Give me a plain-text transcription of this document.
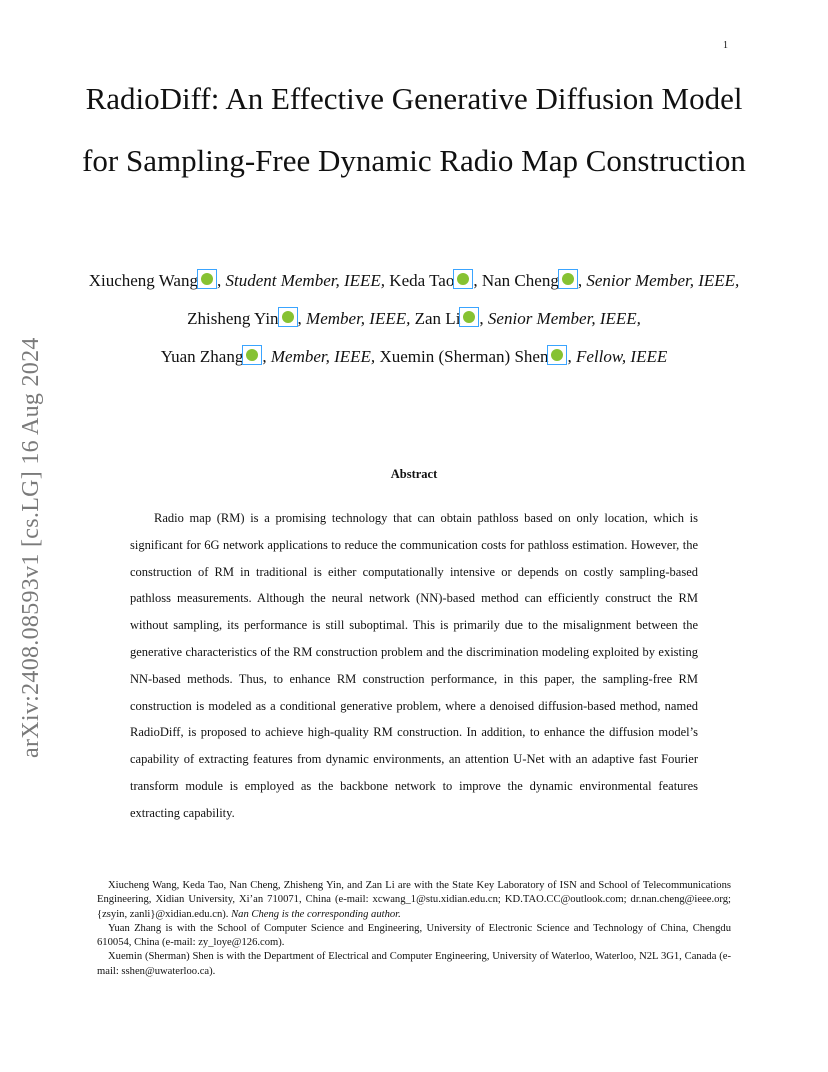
1
arXiv:2408.08593v1 [cs.LG] 16 Aug 2024
RadioDiff: An Effective Generative Diffusion Model for Sampling-Free Dynamic Radio Map Construction
Xiucheng Wang , Student Member, IEEE, Keda Tao , Nan Cheng , Senior Member, IEEE, Zhisheng Yin , Member, IEEE, Zan Li , Senior Member, IEEE,
Yuan Zhang , Member, IEEE, Xuemin (Sherman) Shen , Fellow, IEEE
Abstract
Radio map (RM) is a promising technology that can obtain pathloss based on only location, which is significant for 6G network applications to reduce the communication costs for pathloss estimation. However, the construction of RM in traditional is either computationally intensive or depends on costly sampling-based pathloss measurements. Although the neural network (NN)-based method can efficiently construct the RM without sampling, its performance is still suboptimal. This is primarily due to the misalignment between the generative characteristics of the RM construction problem and the discrimination modeling exploited by existing NN-based methods. Thus, to enhance RM construction performance, in this paper, the sampling-free RM construction is modeled as a conditional generative problem, where a denoised diffusion-based method, named RadioDiff, is proposed to achieve high-quality RM construction. In addition, to enhance the diffusion model’s capability of extracting features from dynamic environments, an attention U-Net with an adaptive fast Fourier transform module is employed as the backbone network to improve the dynamic environmental features extracting capability.

Xiucheng Wang, Keda Tao, Nan Cheng, Zhisheng Yin, and Zan Li are with the State Key Laboratory of ISN and School of Telecommunications Engineering, Xidian University, Xi’an 710071, China (e-mail: xcwang_1@stu.xidian.edu.cn; KD.TAO.CC@outlook.com; dr.nan.cheng@ieee.org; {zsyin, zanli}@xidian.edu.cn). Nan Cheng is the corresponding author.

Yuan Zhang is with the School of Computer Science and Engineering, University of Electronic Science and Technology of China, Chengdu 610054, China (e-mail: zy_loye@126.com).

Xuemin (Sherman) Shen is with the Department of Electrical and Computer Engineering, University of Waterloo, Waterloo, N2L 3G1, Canada (e-mail: sshen@uwaterloo.ca).
